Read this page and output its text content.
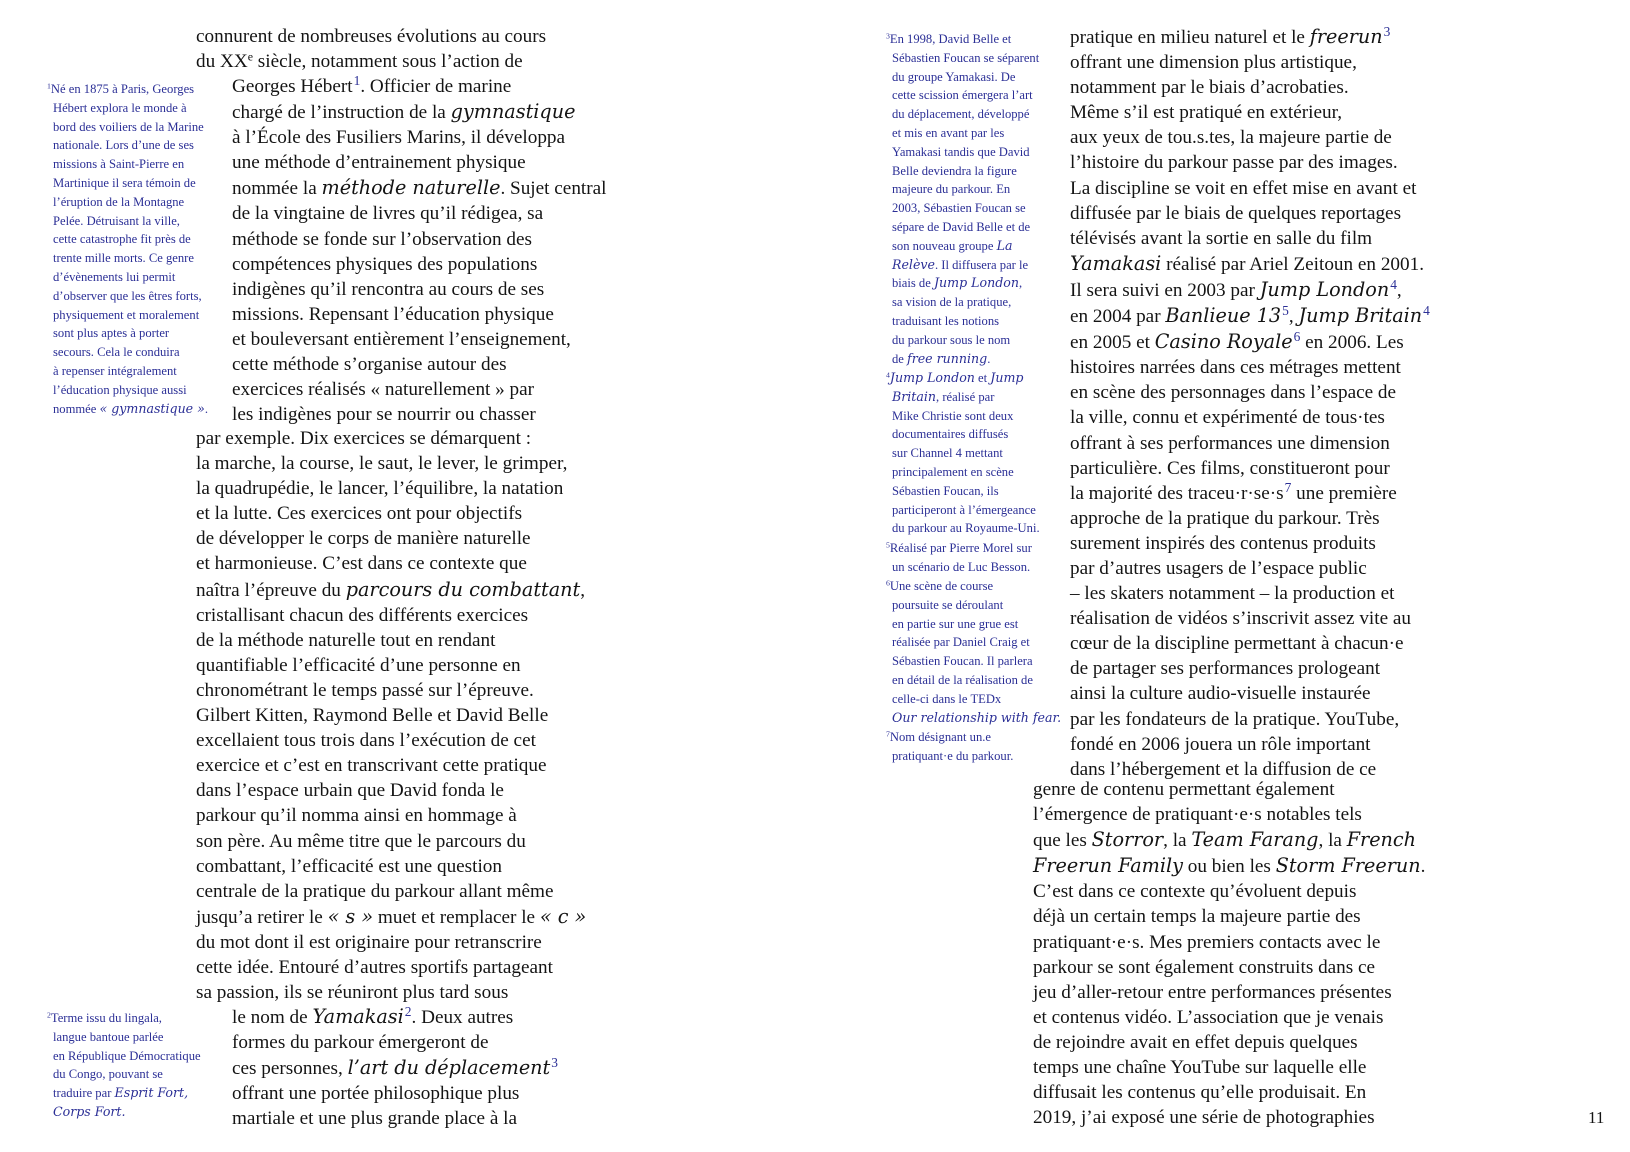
connurent de nombreuses évolutions au cours
du XXe siècle, notamment sous l’action de
Georges Hébert$^1$. Officier de marine
chargé de l’instruction de la gymnastique
à l’École des Fusiliers Marins, il développa
une méthode d’entrainement physique
nommée la méthode naturelle. Sujet central
de la vingtaine de livres qu’il rédigea, sa
méthode se fonde sur l’observation des
compétences physiques des populations
indigènes qu’il rencontra au cours de ses
missions. Repensant l’éducation physique
et bouleversant entièrement l’enseignement,
cette méthode s’organise autour des
exercices réalisés « naturellement » par
les indigènes pour se nourrir ou chasser
par exemple. Dix exercices se démarquent :
la marche, la course, le saut, le lever, le grimper,
la quadrupédie, le lancer, l’équilibre, la natation
et la lutte. Ces exercices ont pour objectifs
de développer le corps de manière naturelle
et harmonieuse. C’est dans ce contexte que
naîtra l’épreuve du parcours du combattant,
cristallisant chacun des différents exercices
de la méthode naturelle tout en rendant
quantifiable l’efficacité d’une personne en
chronométrant le temps passé sur l’épreuve.
Gilbert Kitten, Raymond Belle et David Belle
excellaient tous trois dans l’exécution de cet
exercice et c’est en transcrivant cette pratique
dans l’espace urbain que David fonda le
parkour qu’il nomma ainsi en hommage à
son père. Au même titre que le parcours du
combattant, l’efficacité est une question
centrale de la pratique du parkour allant même
jusqu’a retirer le « s » muet et remplacer le « c »
du mot dont il est originaire pour retranscrire
cette idée. Entouré d’autres sportifs partageant
sa passion, ils se réuniront plus tard sous
le nom de Yamakasi$^2$. Deux autres
formes du parkour émergeront de
ces personnes, l’art du déplacement$^3$
offrant une portée philosophique plus
martiale et une plus grande place à la
$^1$Né en 1875 à Paris, Georges
Hébert explora le monde à
bord des voiliers de la Marine
nationale. Lors d’une de ses
missions à Saint-Pierre en
Martinique il sera témoin de
l’éruption de la Montagne
Pelée. Détruisant la ville,
cette catastrophe fit près de
trente mille morts. Ce genre
d’évènements lui permit
d’observer que les êtres forts,
physiquement et moralement
sont plus aptes à porter
secours. Cela le conduira
à repenser intégralement
l’éducation physique aussi
nommée « gymnastique ».
$^2$Terme issu du lingala,
langue bantoue parlée
en République Démocratique
du Congo, pouvant se
traduire par Esprit Fort,
Corps Fort.
pratique en milieu naturel et le freerun$^3$
offrant une dimension plus artistique,
notamment par le biais d’acrobaties.
Même s’il est pratiqué en extérieur,
aux yeux de tou.s.tes, la majeure partie de
l’histoire du parkour passe par des images.
La discipline se voit en effet mise en avant et
diffusée par le biais de quelques reportages
télévisés avant la sortie en salle du film
Yamakasi réalisé par Ariel Zeitoun en 2001.
Il sera suivi en 2003 par Jump London$^4$,
en 2004 par Banlieue 13$^5$, Jump Britain$^4$
en 2005 et Casino Royale$^6$ en 2006. Les
histoires narrées dans ces métrages mettent
en scène des personnages dans l’espace de
la ville, connu et expérimenté de tous·tes
offrant à ses performances une dimension
particulière. Ces films, constitueront pour
la majorité des traceu·r·se·s$^7$ une première
approche de la pratique du parkour. Très
surement inspirés des contenus produits
par d’autres usagers de l’espace public
– les skaters notamment – la production et
réalisation de vidéos s’inscrivit assez vite au
cœur de la discipline permettant à chacun·e
de partager ses performances prologeant
ainsi la culture audio-visuelle instaurée
par les fondateurs de la pratique. YouTube,
fondé en 2006 jouera un rôle important
dans l’hébergement et la diffusion de ce
genre de contenu permettant également
l’émergence de pratiquant·e·s notables tels
que les Storror, la Team Farang, la French
Freerun Family ou bien les Storm Freerun.
C’est dans ce contexte qu’évoluent depuis
déjà un certain temps la majeure partie des
pratiquant·e·s. Mes premiers contacts avec le
parkour se sont également construits dans ce
jeu d’aller-retour entre performances présentes
et contenus vidéo. L’association que je venais
de rejoindre avait en effet depuis quelques
temps une chaîne YouTube sur laquelle elle
diffusait les contenus qu’elle produisait. En
2019, j’ai exposé une série de photographies
$^3$En 1998, David Belle et
Sébastien Foucan se séparent
du groupe Yamakasi. De
cette scission émergera l’art
du déplacement, développé
et mis en avant par les
Yamakasi tandis que David
Belle deviendra la figure
majeure du parkour. En
2003, Sébastien Foucan se
sépare de David Belle et de
son nouveau groupe La
Relève. Il diffusera par le
biais de Jump London,
sa vision de la pratique,
traduisant les notions
du parkour sous le nom
de free running.
$^4$Jump London et Jump
Britain, réalisé par
Mike Christie sont deux
documentaires diffusés
sur Channel 4 mettant
principalement en scène
Sébastien Foucan, ils
participeront à l’émergeance
du parkour au Royaume-Uni.
$^5$Réalisé par Pierre Morel sur
un scénario de Luc Besson.
$^6$Une scène de course
poursuite se déroulant
en partie sur une grue est
réalisée par Daniel Craig et
Sébastien Foucan. Il parlera
en détail de la réalisation de
celle-ci dans le TEDx
Our relationship with fear.
$^7$Nom désignant un.e
pratiquant·e du parkour.
11
